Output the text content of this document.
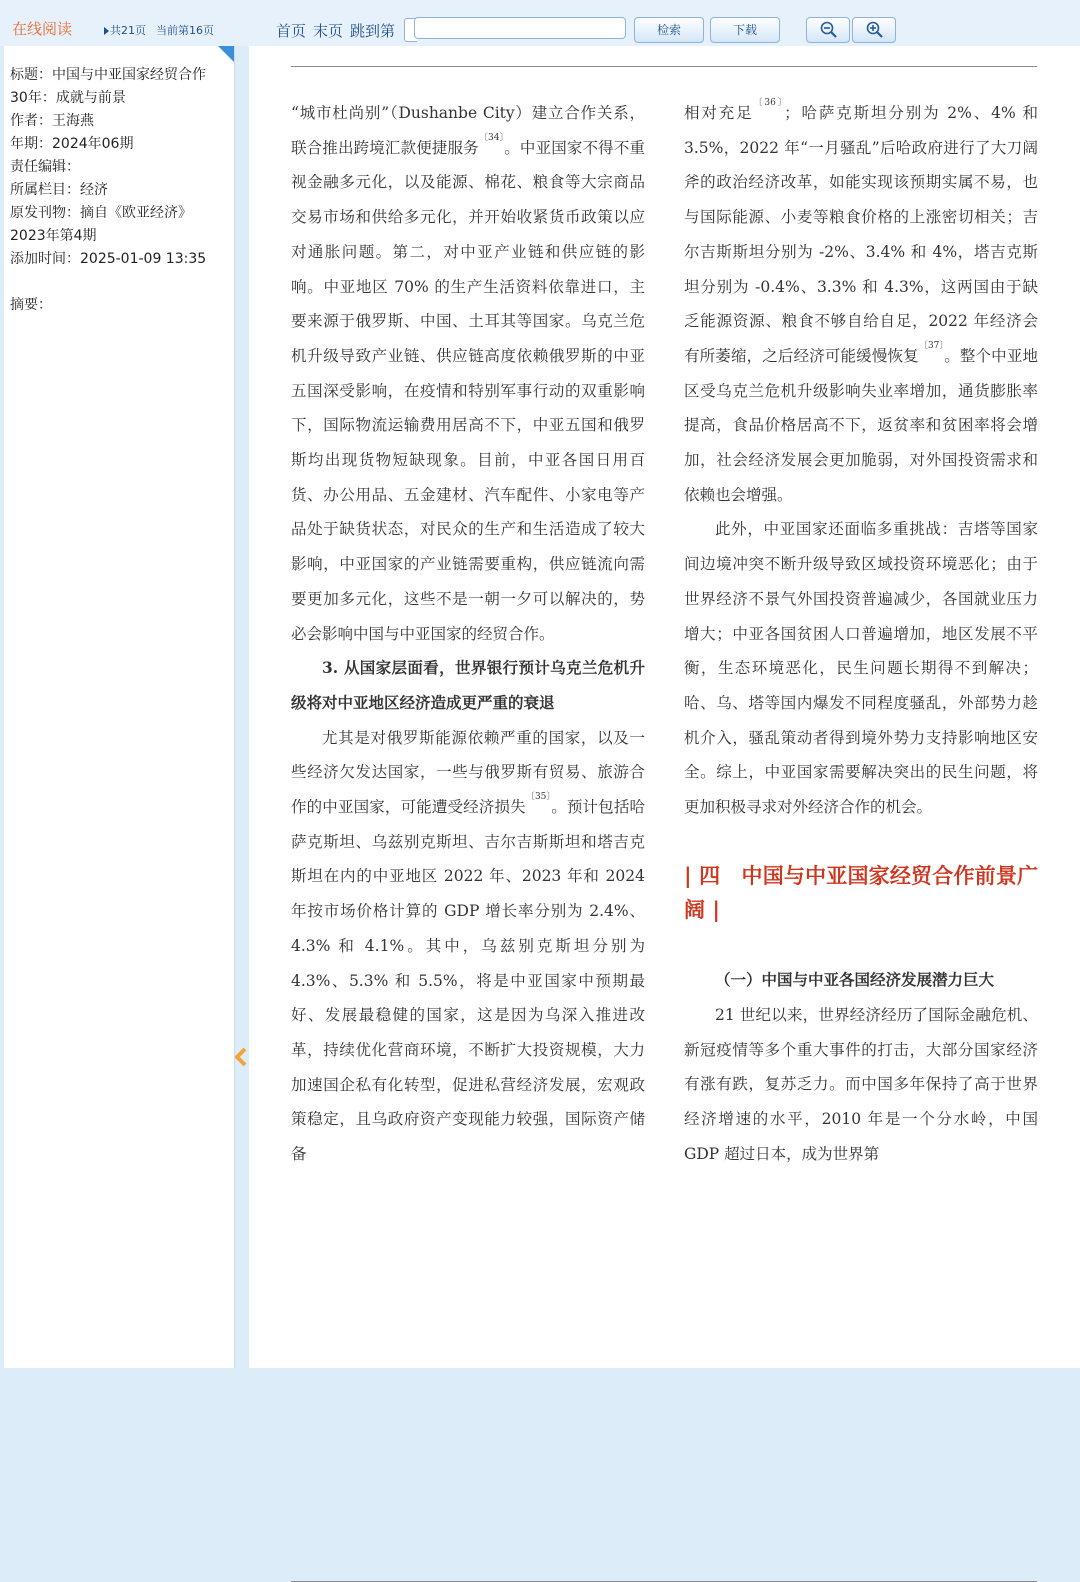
在线阅读	共21页 当前第16页	首页 末页 跳到第	检索	下载
标题：中国与中亚国家经贸合作
30年：成就与前景
作者：王海燕
年期：2024年06期
责任编辑：
所属栏目：经济
原发刊物：摘自《欧亚经济》
2023年第4期
添加时间：2025-01-09 13:35
摘要：

“城市杜尚别”（Dushanbe City）建立合作关系，联合推出跨境汇款便捷服务$^{〔34〕}$。中亚国家不得不重视金融多元化，以及能源、棉花、粮食等大宗商品交易市场和供给多元化，并开始收紧货币政策以应对通胀问题。第二，对中亚产业链和供应链的影响。中亚地区 70% 的生产生活资料依靠进口，主要来源于俄罗斯、中国、土耳其等国家。乌克兰危机升级导致产业链、供应链高度依赖俄罗斯的中亚五国深受影响，在疫情和特别军事行动的双重影响下，国际物流运输费用居高不下，中亚五国和俄罗斯均出现货物短缺现象。目前，中亚各国日用百货、办公用品、五金建材、汽车配件、小家电等产品处于缺货状态，对民众的生产和生活造成了较大影响，中亚国家的产业链需要重构，供应链流向需要更加多元化，这些不是一朝一夕可以解决的，势必会影响中国与中亚国家的经贸合作。

3. 从国家层面看，世界银行预计乌克兰危机升级将对中亚地区经济造成更严重的衰退

尤其是对俄罗斯能源依赖严重的国家，以及一些经济欠发达国家，一些与俄罗斯有贸易、旅游合作的中亚国家，可能遭受经济损失$^{〔35〕}$。预计包括哈萨克斯坦、乌兹别克斯坦、吉尔吉斯斯坦和塔吉克斯坦在内的中亚地区 2022 年、2023 年和 2024 年按市场价格计算的 GDP 增长率分别为 2.4%、4.3% 和 4.1%。其中，乌兹别克斯坦分别为 4.3%、5.3% 和 5.5%，将是中亚国家中预期最好、发展最稳健的国家，这是因为乌深入推进改革，持续优化营商环境，不断扩大投资规模，大力加速国企私有化转型，促进私营经济发展，宏观政策稳定，且乌政府资产变现能力较强，国际资产储备

相对充足$^{〔36〕}$；哈萨克斯坦分别为 2%、4% 和 3.5%，2022 年“一月骚乱”后哈政府进行了大刀阔斧的政治经济改革，如能实现该预期实属不易，也与国际能源、小麦等粮食价格的上涨密切相关；吉尔吉斯斯坦分别为 -2%、3.4% 和 4%，塔吉克斯坦分别为 -0.4%、3.3% 和 4.3%，这两国由于缺乏能源资源、粮食不够自给自足，2022 年经济会有所萎缩，之后经济可能缓慢恢复$^{〔37〕}$。整个中亚地区受乌克兰危机升级影响失业率增加，通货膨胀率提高，食品价格居高不下，返贫率和贫困率将会增加，社会经济发展会更加脆弱，对外国投资需求和依赖也会增强。

此外，中亚国家还面临多重挑战：吉塔等国家间边境冲突不断升级导致区域投资环境恶化；由于世界经济不景气外国投资普遍减少，各国就业压力增大；中亚各国贫困人口普遍增加，地区发展不平衡，生态环境恶化，民生问题长期得不到解决；哈、乌、塔等国内爆发不同程度骚乱，外部势力趁机介入，骚乱策动者得到境外势力支持影响地区安全。综上，中亚国家需要解决突出的民生问题，将更加积极寻求对外经济合作的机会。

| 四　中国与中亚国家经贸合作前景广阔 |

（一）中国与中亚各国经济发展潜力巨大

21 世纪以来，世界经济经历了国际金融危机、新冠疫情等多个重大事件的打击，大部分国家经济有涨有跌，复苏乏力。而中国多年保持了高于世界经济增速的水平，2010 年是一个分水岭，中国 GDP 超过日本，成为世界第
